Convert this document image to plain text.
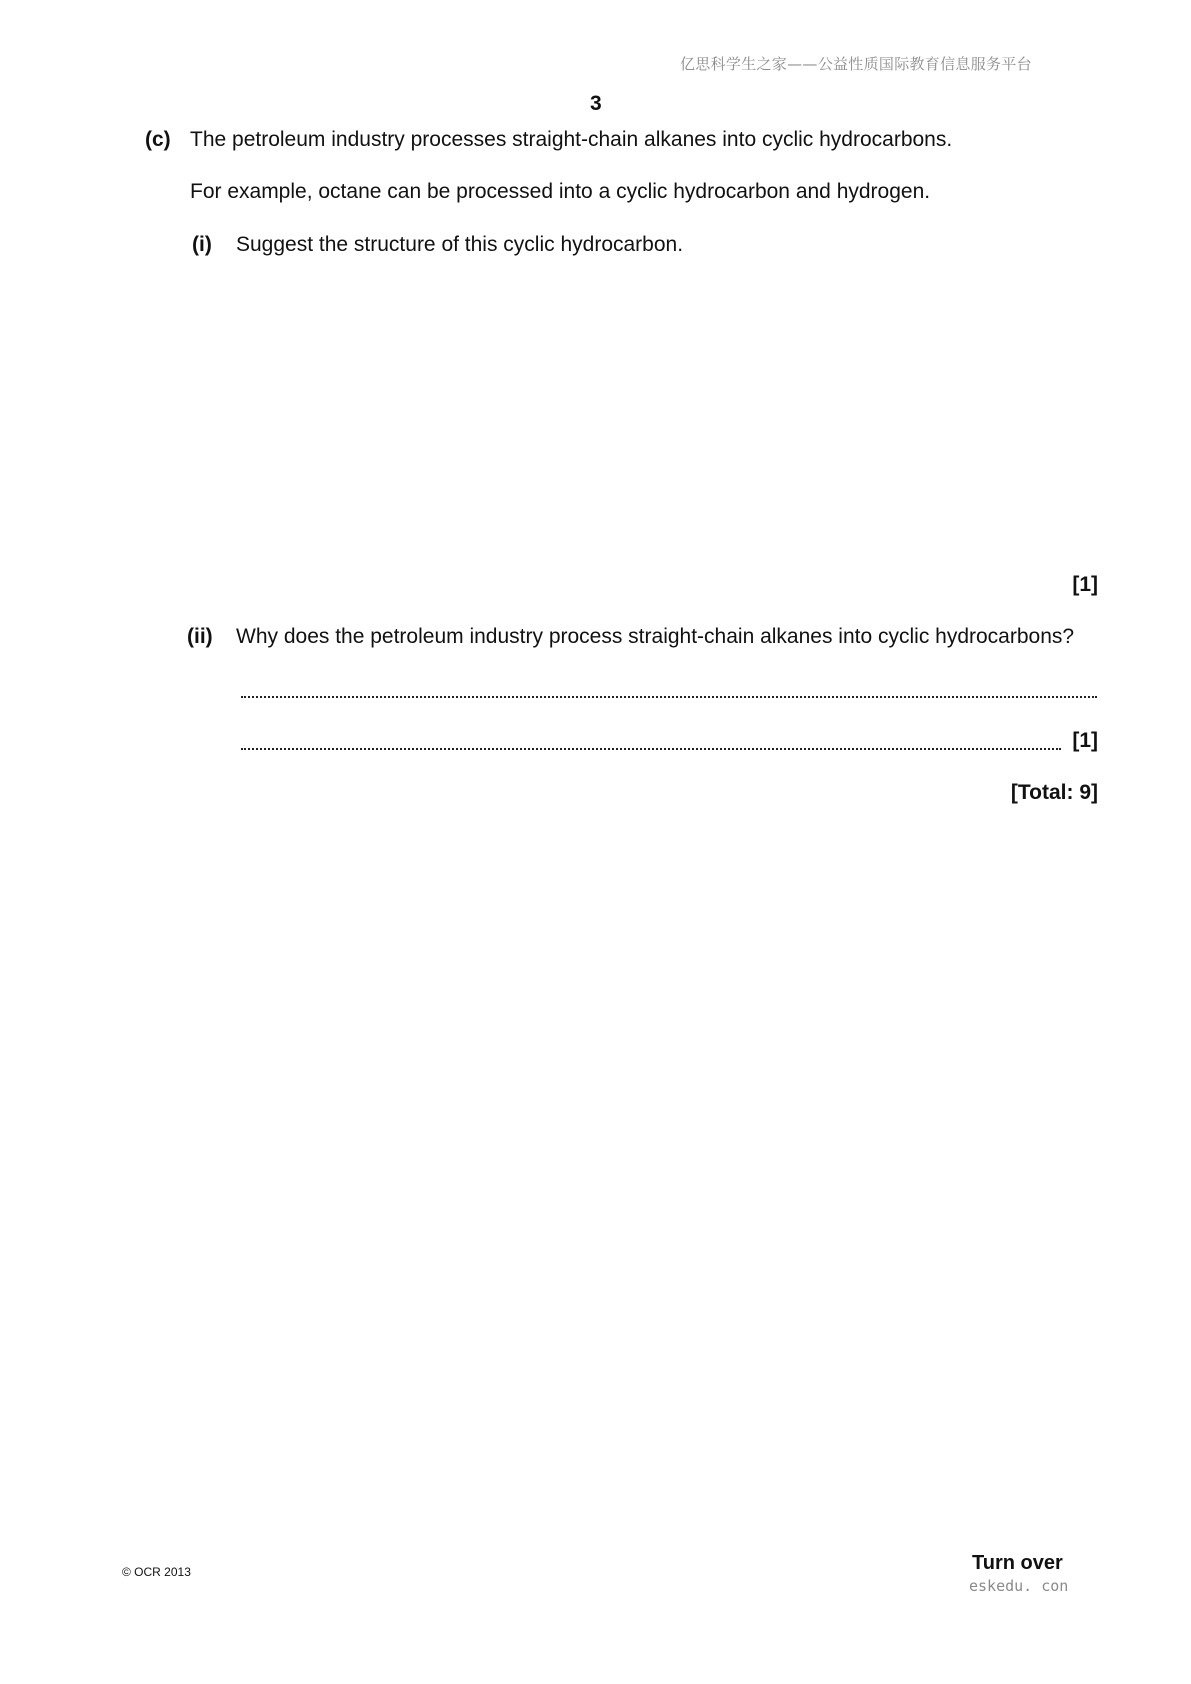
亿思科学生之家——公益性质国际教育信息服务平台
3
(c) The petroleum industry processes straight-chain alkanes into cyclic hydrocarbons.
For example, octane can be processed into a cyclic hydrocarbon and hydrogen.
(i) Suggest the structure of this cyclic hydrocarbon.
[1]
(ii) Why does the petroleum industry process straight-chain alkanes into cyclic hydrocarbons?
[1]
[Total: 9]
© OCR 2013	Turn over
eskedu. con
